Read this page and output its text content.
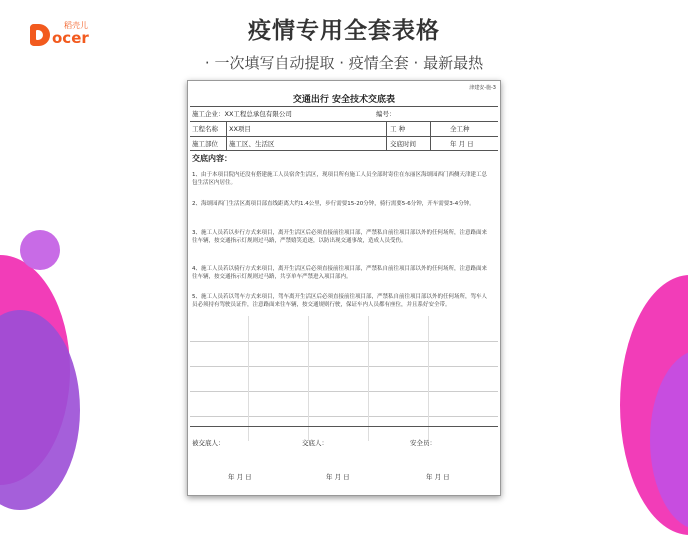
ocer
稻壳儿	疫情专用全套表格
· 一次填写自动提取 · 疫情全套 · 最新最热
津建安-施-3
交通出行 安全技术交底表
施工企业：XX工程总承包有限公司	编号：
工程名称 XX项目	工 种	全工种
施工部位 施工区、生活区	交底时间	年 月 日
交底内容：
1、由于本项目院内还没有搭建施工人员宿舍生活区，现项目所有施工人员全部时寄住在东丽区海颂园西门西侧天津建工总包生活区内居住。
2、海颂园西门生活区离项目部直线距离大约1.4公里，步行需要15-20分钟，骑行需要5-6分钟，开车需要3-4分钟。
3、施工人员若以步行方式来项目，离开生活区后必须直接前往项目部，严禁私自前往项目部以外的任何场所，注意路面来往车辆，按交通指示灯规则过马路，严禁嬉笑追逐，以防出现交通事故，造成人员受伤。
4、施工人员若以骑行方式来项目，离开生活区后必须直接前往项目部，严禁私自前往项目部以外的任何场所，注意路面来往车辆，按交通指示灯规则过马路，共享单车严禁进入项目部内。
5、施工人员若以驾车方式来项目，驾车离开生活区后必须直接前往项目部，严禁私自前往项目部以外的任何场所，驾车人员必须持有驾驶员证件，注意路面来往车辆，按交通规则行驶，保证车内人员都有座位，并且系好安全带。
被交底人：	交底人：	安全员：
年 月 日	年 月 日	年 月 日
